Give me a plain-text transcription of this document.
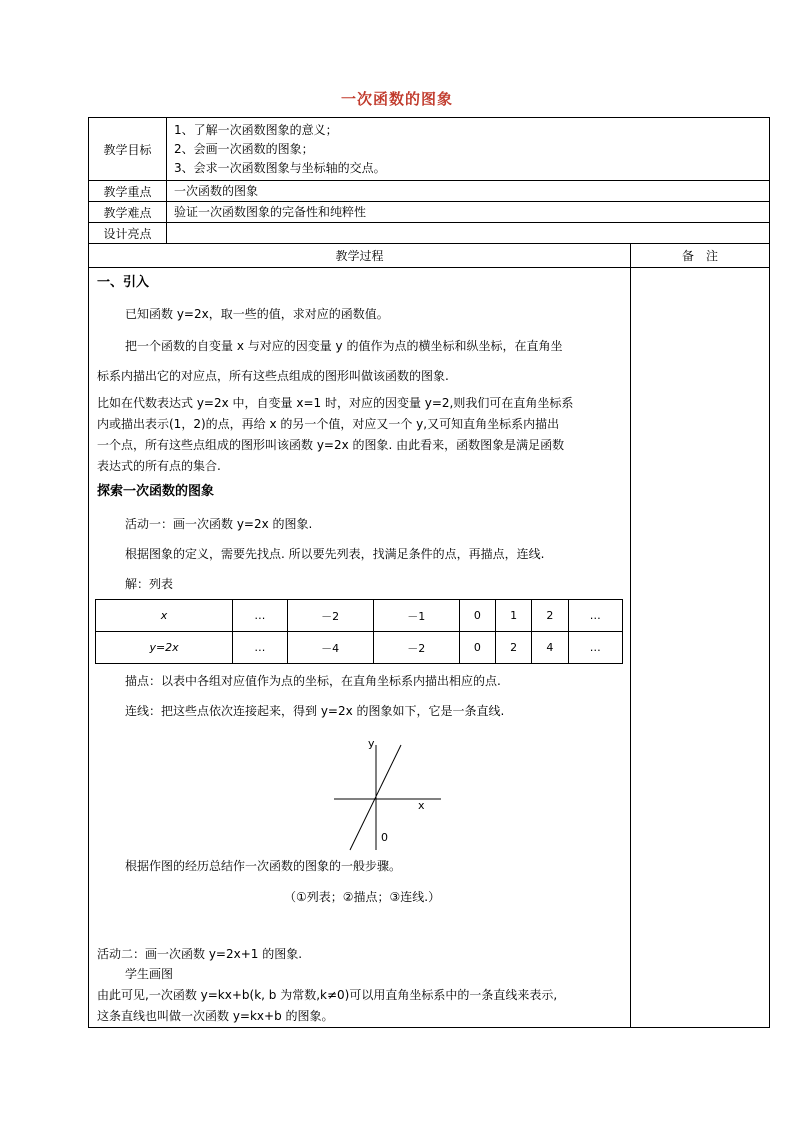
一次函数的图象
教学目标
1、了解一次函数图象的意义；
2、会画一次函数的图象；
3、会求一次函数图象与坐标轴的交点。
教学重点	一次函数的图象
教学难点	验证一次函数图象的完备性和纯粹性
设计亮点
教学过程	备　注
一、引入
已知函数 y=2x，取一些的值，求对应的函数值。
把一个函数的自变量 x 与对应的因变量 y 的值作为点的横坐标和纵坐标，在直角坐
标系内描出它的对应点，所有这些点组成的图形叫做该函数的图象.
比如在代数表达式 y=2x 中，自变量 x=1 时，对应的因变量 y=2,则我们可在直角坐标系
内或描出表示(1，2)的点，再给 x 的另一个值，对应又一个 y,又可知直角坐标系内描出
一个点，所有这些点组成的图形叫该函数 y=2x 的图象. 由此看来，函数图象是满足函数
表达式的所有点的集合.
探索一次函数的图象
活动一：画一次函数 y=2x 的图象.
根据图象的定义，需要先找点. 所以要先列表，找满足条件的点，再描点，连线.
解：列表
描点：以表中各组对应值作为点的坐标，在直角坐标系内描出相应的点.
连线：把这些点依次连接起来，得到 y=2x 的图象如下，它是一条直线.
根据作图的经历总结作一次函数的图象的一般步骤。
（①列表；②描点；③连线.）
活动二：画一次函数 y=2x+1 的图象.
学生画图
由此可见,一次函数 y=kx+b(k, b 为常数,k≠0)可以用直角坐标系中的一条直线来表示,
这条直线也叫做一次函数 y=kx+b 的图象。
x	…	－2	－1	0	1	2	…
y=2x	…	－4	－2	0	2	4	…
y
x
0
